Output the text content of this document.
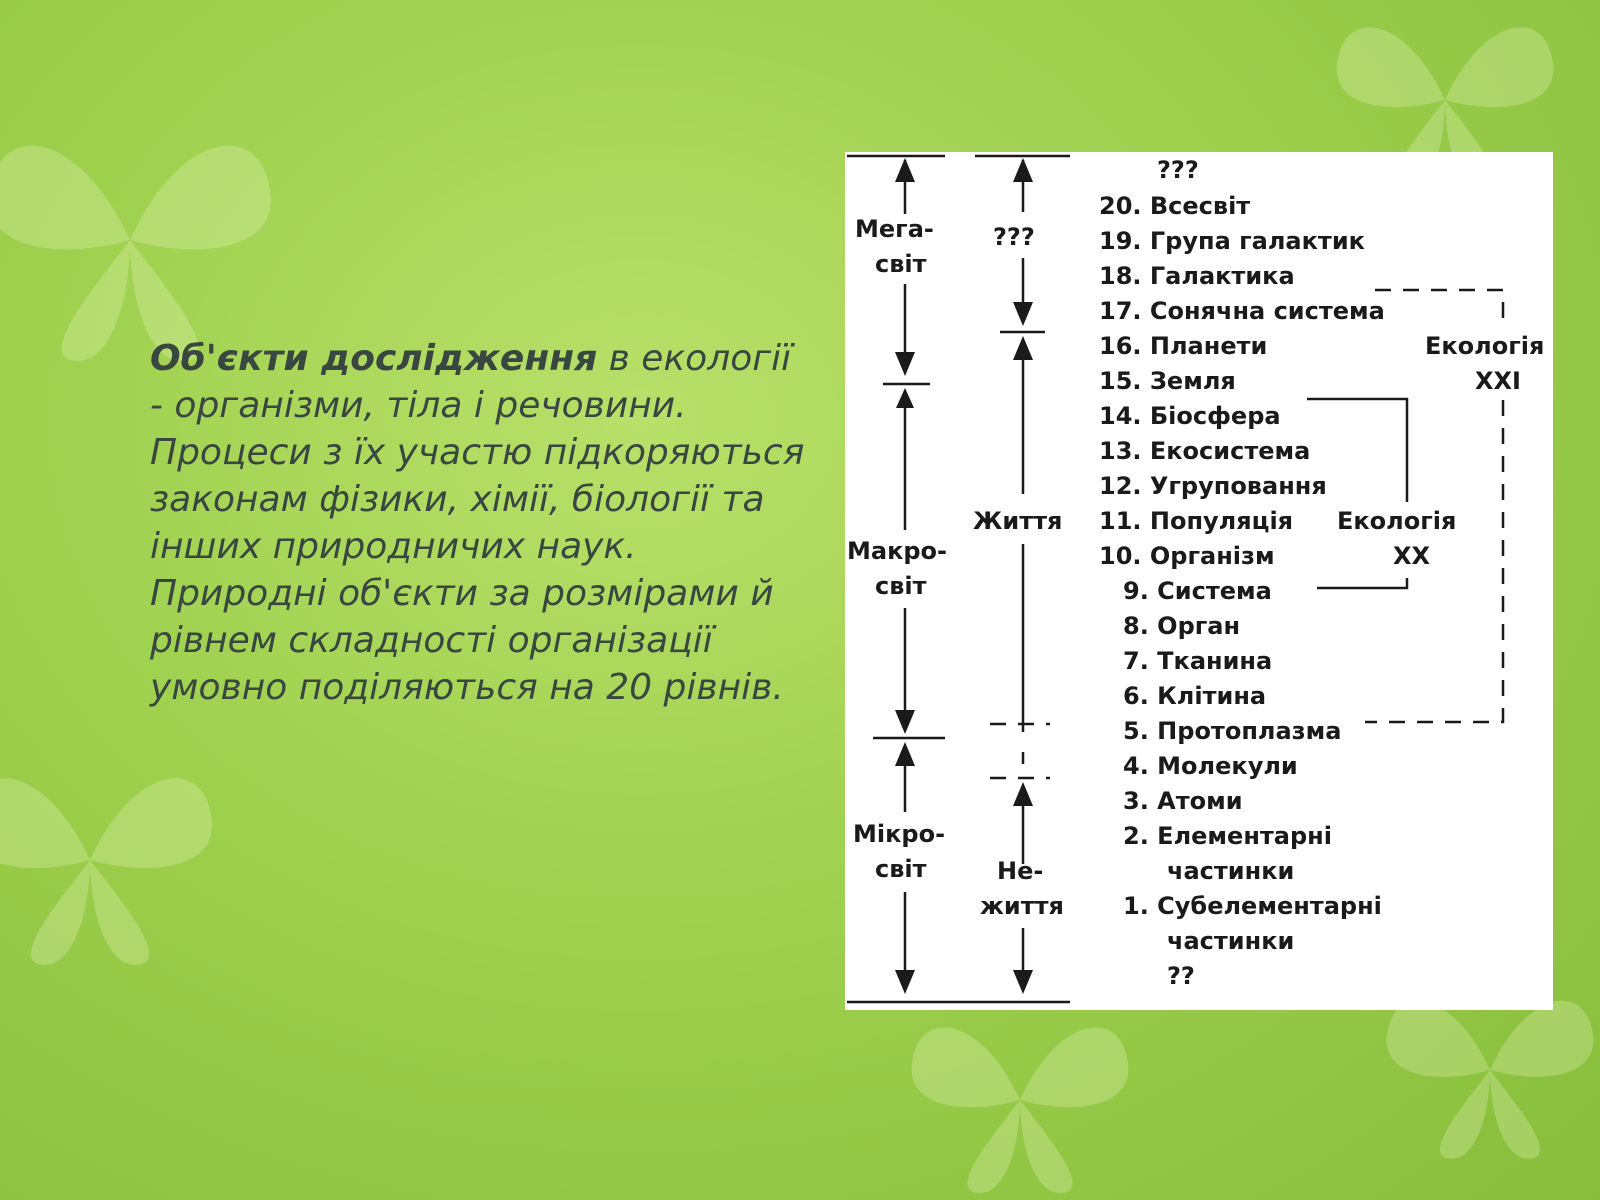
Об'єкти дослідження в екології - організми, тіла і речовини. Процеси з їх участю підкоряються законам фізики, хімії, біології та інших природничих наук. Природні об'єкти за розмірами й рівнем складності організації умовно поділяються на 20 рівнів.
Мега-
світ
Макро-
світ
Мікро-
світ
???
Життя
Не-
життя
???
20. Всесвіт
19. Група галактик
18. Галактика
17. Сонячна система
16. Планети
15. Земля
14. Біосфера
13. Екосистема
12. Угруповання
11. Популяція
10. Організм
9. Система
8. Орган
7. Тканина
6. Клітина
5. Протоплазма
4. Молекули
3. Атоми
2. Елементарні
частинки
1. Субелементарні
частинки
??
Екологія
XXI
Екологія
XX
